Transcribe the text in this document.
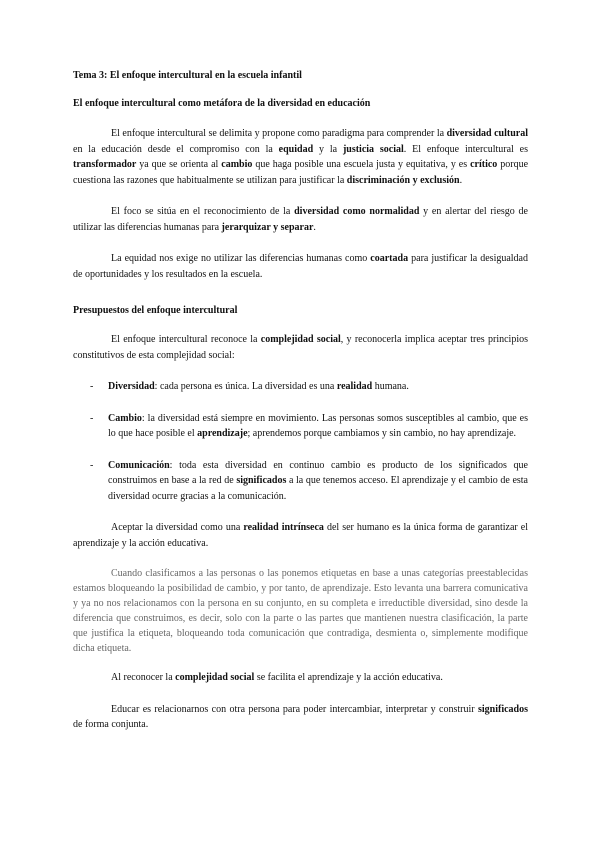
Tema 3: El enfoque intercultural en la escuela infantil
El enfoque intercultural como metáfora de la diversidad en educación

El enfoque intercultural se delimita y propone como paradigma para comprender la diversidad cultural en la educación desde el compromiso con la equidad y la justicia social. El enfoque intercultural es transformador ya que se orienta al cambio que haga posible una escuela justa y equitativa, y es crítico porque cuestiona las razones que habitualmente se utilizan para justificar la discriminación y exclusión.

El foco se sitúa en el reconocimiento de la diversidad como normalidad y en alertar del riesgo de utilizar las diferencias humanas para jerarquizar y separar.

La equidad nos exige no utilizar las diferencias humanas como coartada para justificar la desigualdad de oportunidades y los resultados en la escuela.

Presupuestos del enfoque intercultural

El enfoque intercultural reconoce la complejidad social, y reconocerla implica aceptar tres principios constitutivos de esta complejidad social:

- Diversidad: cada persona es única. La diversidad es una realidad humana.
- Cambio: la diversidad está siempre en movimiento. Las personas somos susceptibles al cambio, que es lo que hace posible el aprendizaje; aprendemos porque cambiamos y sin cambio, no hay aprendizaje.
- Comunicación: toda esta diversidad en continuo cambio es producto de los significados que construimos en base a la red de significados a la que tenemos acceso. El aprendizaje y el cambio de esta diversidad ocurre gracias a la comunicación.

Aceptar la diversidad como una realidad intrínseca del ser humano es la única forma de garantizar el aprendizaje y la acción educativa.

Cuando clasificamos a las personas o las ponemos etiquetas en base a unas categorías preestablecidas estamos bloqueando la posibilidad de cambio, y por tanto, de aprendizaje. Esto levanta una barrera comunicativa y ya no nos relacionamos con la persona en su conjunto, en su completa e irreductible diversidad, sino desde la diferencia que construimos, es decir, solo con la parte o las partes que mantienen nuestra clasificación, la parte que justifica la etiqueta, bloqueando toda comunicación que contradiga, desmienta o, simplemente modifique dicha etiqueta.

Al reconocer la complejidad social se facilita el aprendizaje y la acción educativa.

Educar es relacionarnos con otra persona para poder intercambiar, interpretar y construir significados de forma conjunta.
